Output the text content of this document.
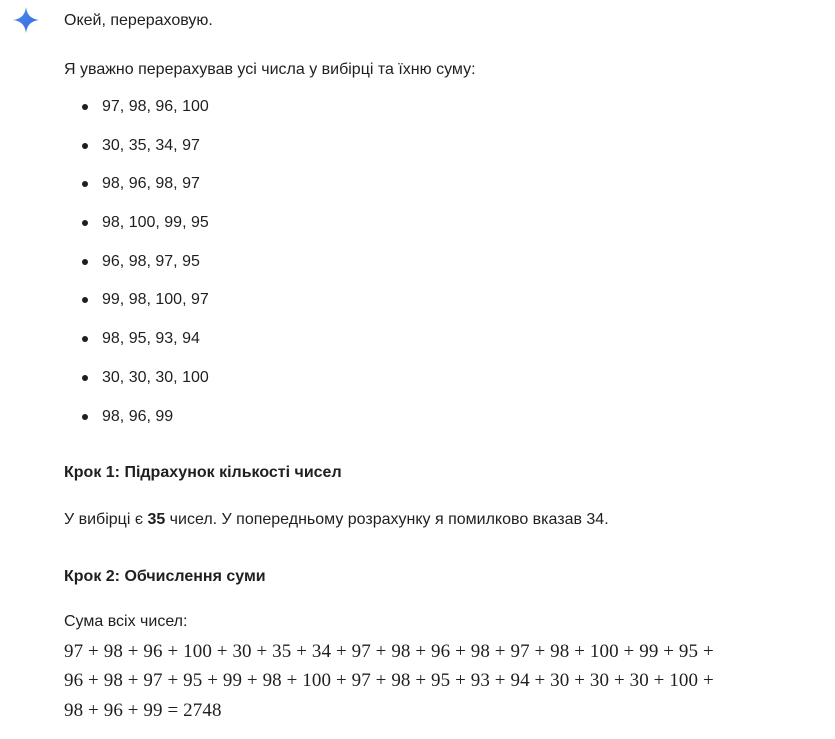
Окей, перераховую.
Я уважно перерахував усі числа у вибірці та їхню суму:
97, 98, 96, 100
30, 35, 34, 97
98, 96, 98, 97
98, 100, 99, 95
96, 98, 97, 95
99, 98, 100, 97
98, 95, 93, 94
30, 30, 30, 100
98, 96, 99
Крок 1: Підрахунок кількості чисел
У вибірці є 35 чисел. У попередньому розрахунку я помилково вказав 34.
Крок 2: Обчислення суми
Сума всіх чисел:
97 + 98 + 96 + 100 + 30 + 35 + 34 + 97 + 98 + 96 + 98 + 97 + 98 + 100 + 99 + 95 +
96 + 98 + 97 + 95 + 99 + 98 + 100 + 97 + 98 + 95 + 93 + 94 + 30 + 30 + 30 + 100 +
98 + 96 + 99 = 2748
